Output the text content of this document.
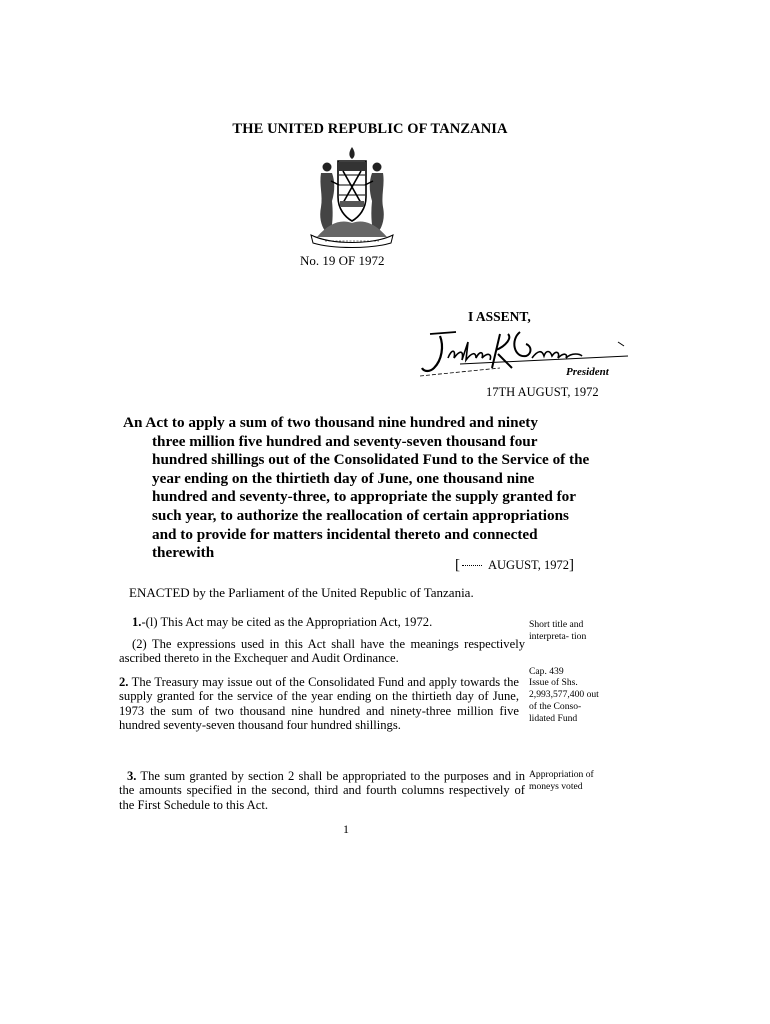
THE UNITED REPUBLIC OF TANZANIA
No. 19 OF 1972
I ASSENT,
President
17TH AUGUST, 1972

An Act to apply a sum of two thousand nine hundred and ninety

three million five hundred and seventy-seven thousand four hundred shillings out of the Consolidated Fund to the Service of the year ending on the thirtieth day of June, one thousand nine hundred and seventy-three, to appropriate the supply granted for such year, to authorize the reallocation of certain appropriations and to provide for matters incidental thereto and connected therewith

[ AUGUST, 1972]
ENACTED by the Parliament of the United Republic of Tanzania.
1.-(l) This Act may be cited as the Appropriation Act, 1972.
(2) The expressions used in this Act shall have the meanings respectively ascribed thereto in the Exchequer and Audit Ordinance.
2. The Treasury may issue out of the Consolidated Fund and apply towards the supply granted for the service of the year ending on the thirtieth day of June, 1973 the sum of two thousand nine hundred and ninety-three million five hundred seventy-seven thousand four hundred shillings.
3. The sum granted by section 2 shall be appropriated to the purposes and in the amounts specified in the second, third and fourth columns respectively of the First Schedule to this Act.
Short title and interpreta- tion
Cap. 439
Issue of Shs. 2,993,577,400 out of the Conso- lidated Fund
Appropriation of moneys voted
1
